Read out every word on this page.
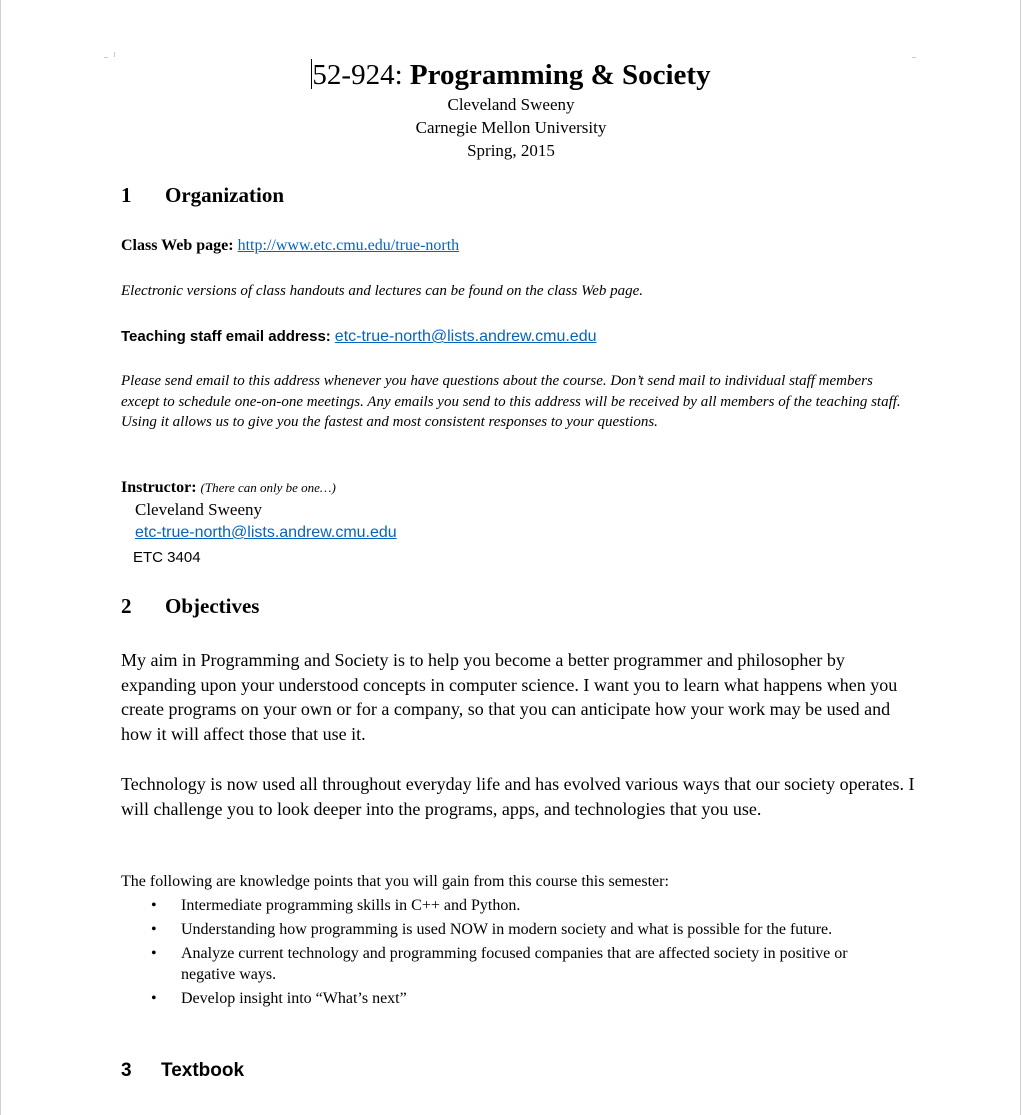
52-924: Programming & Society
Cleveland Sweeny
Carnegie Mellon University
Spring, 2015
1 Organization
Class Web page: http://www.etc.cmu.edu/true-north
Electronic versions of class handouts and lectures can be found on the class Web page.
Teaching staff email address: etc-true-north@lists.andrew.cmu.edu
Please send email to this address whenever you have questions about the course. Don’t send mail to individual staff members except to schedule one-on-one meetings. Any emails you send to this address will be received by all members of the teaching staff. Using it allows us to give you the fastest and most consistent responses to your questions.
Instructor: (There can only be one…)
Cleveland Sweeny
etc-true-north@lists.andrew.cmu.edu
ETC 3404
2 Objectives
My aim in Programming and Society is to help you become a better programmer and philosopher by expanding upon your understood concepts in computer science. I want you to learn what happens when you create programs on your own or for a company, so that you can anticipate how your work may be used and how it will affect those that use it.
Technology is now used all throughout everyday life and has evolved various ways that our society operates. I will challenge you to look deeper into the programs, apps, and technologies that you use.
The following are knowledge points that you will gain from this course this semester:
• Intermediate programming skills in C++ and Python.
• Understanding how programming is used NOW in modern society and what is possible for the future.
• Analyze current technology and programming focused companies that are affected society in positive or negative ways.
• Develop insight into “What’s next”
3 Textbook
